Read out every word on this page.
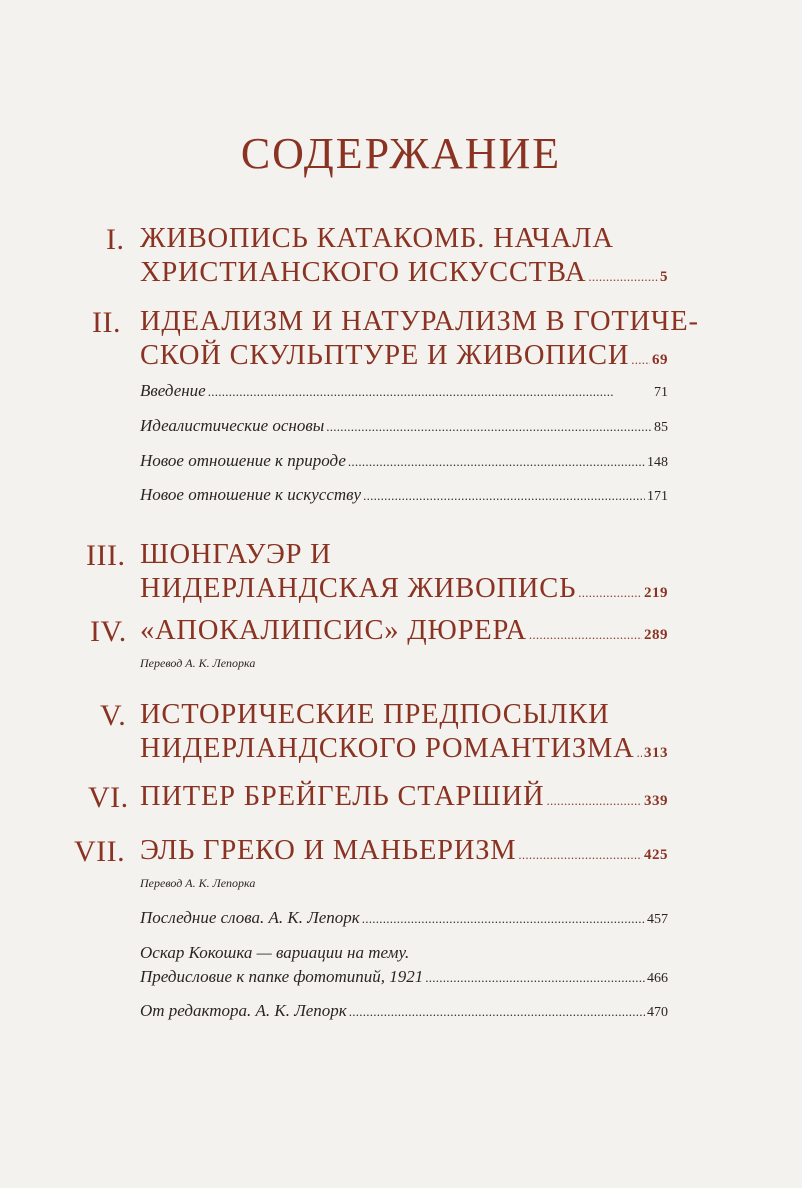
СОДЕРЖАНИЕ
I. ЖИВОПИСЬ КАТАКОМБ. НАЧАЛА
ХРИСТИАНСКОГО ИСКУССТВА . . .	5
II. ИДЕАЛИЗМ И НАТУРАЛИЗМ В ГОТИЧЕ-
СКОЙ СКУЛЬПТУРЕ И ЖИВОПИСИ . . . 69
Введение . . .	71
Идеалистические основы . . .	85
Новое отношение к природе . . .	148
Новое отношение к искусству . . .	171
III. ШОНГАУЭР И
НИДЕРЛАНДСКАЯ ЖИВОПИСЬ . . .	219
IV. «АПОКАЛИПСИС» ДЮРЕРА . . .	289
Перевод А. К. Лепорка
V. ИСТОРИЧЕСКИЕ ПРЕДПОСЫЛКИ
НИДЕРЛАНДСКОГО РОМАНТИЗМА . . . 313
VI. ПИТЕР БРЕЙГЕЛЬ СТАРШИЙ . . .	339
VII. ЭЛЬ ГРЕКО И МАНЬЕРИЗМ . . .	425
Перевод А. К. Лепорка
Последние слова. А. К. Лепорк . . .	457
Оскар Кокошка — вариации на тему.
Предисловие к папке фототипий, 1921 . . .	466
От редактора. А. К. Лепорк . . .	470
